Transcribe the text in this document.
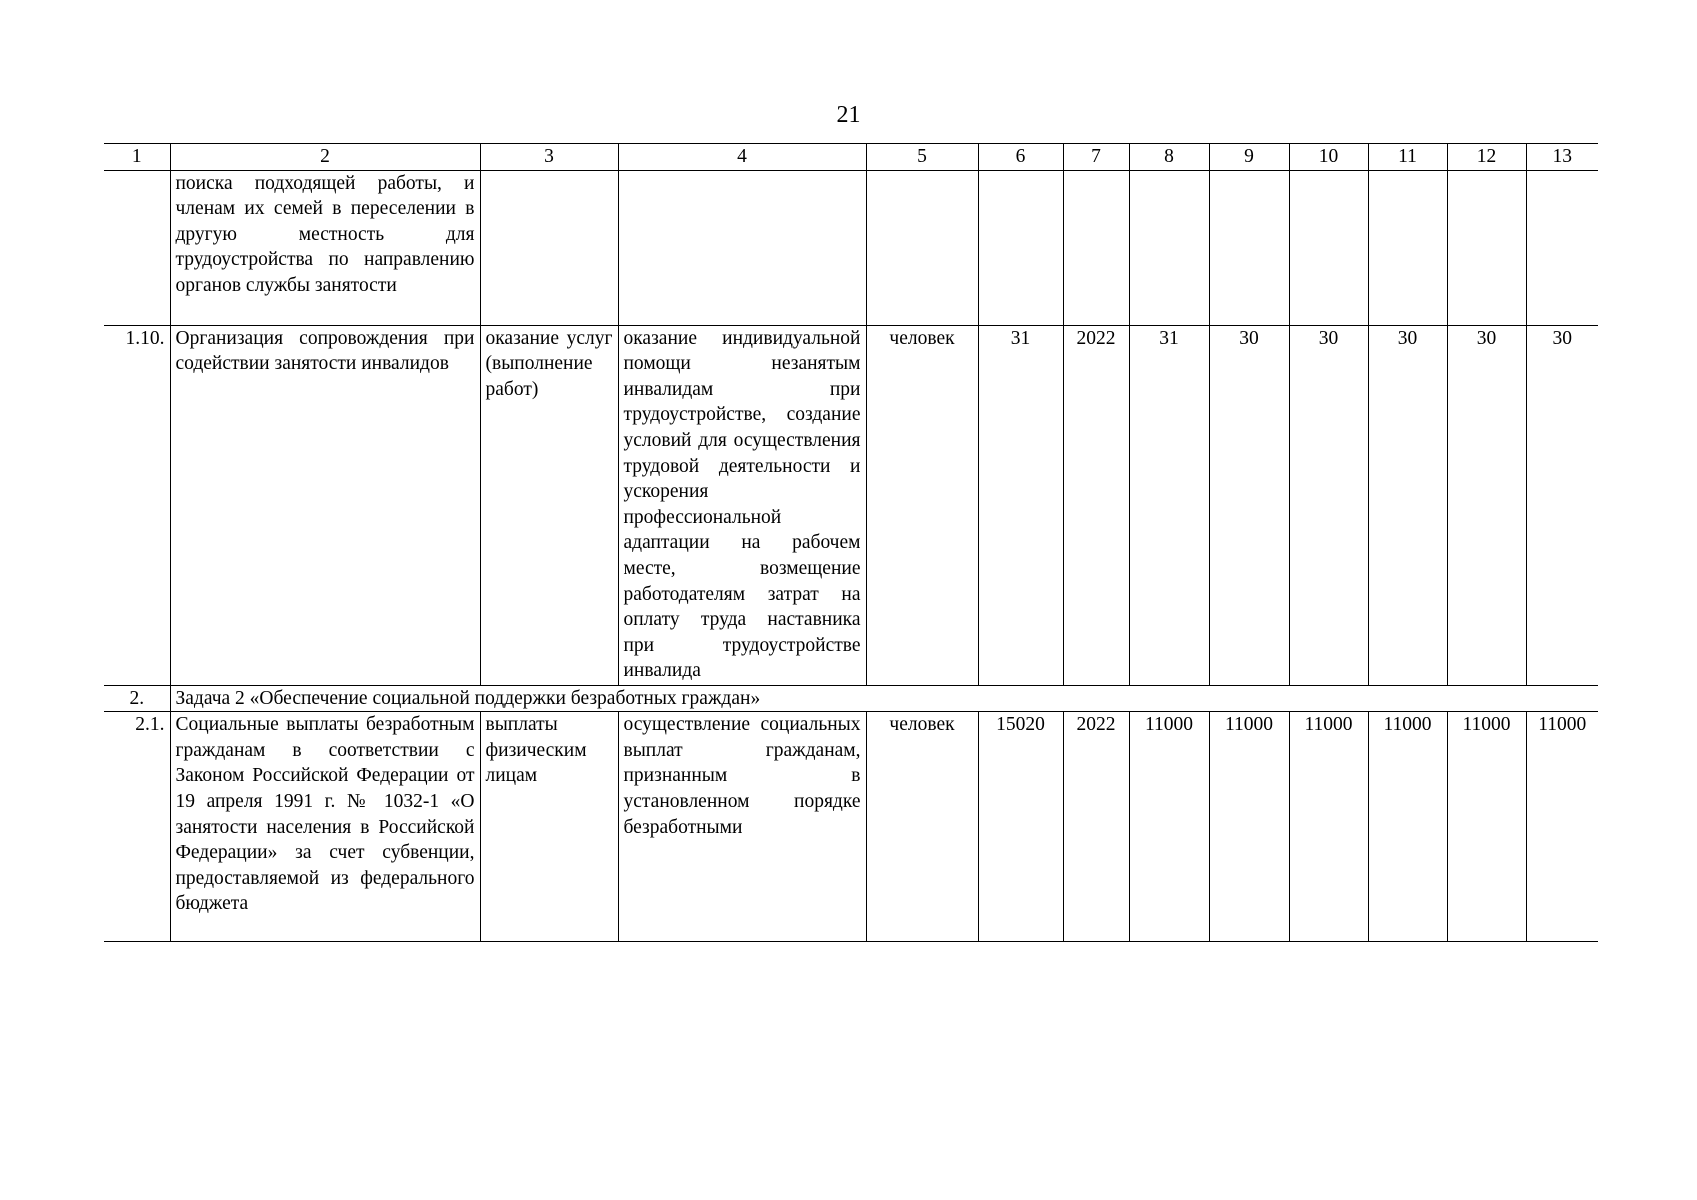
21
1	2	3	4	5	6	7	8	9	10	11	12	13
	поиска подходящей работы, и членам их семей в переселении в другую местность для трудоустройства по направлению органов службы занятости											
1.10.	Организация сопровождения при содействии занятости инвалидов	оказание услуг (выполнение работ)	оказание индивидуальной помощи незанятым инвалидам при трудоустройстве, создание условий для осуществления трудовой деятельности и ускорения профессиональной адаптации на рабочем месте, возмещение работодателям затрат на оплату труда наставника при трудоустройстве инвалида	человек	31	2022	31	30	30	30	30	30
2.	Задача 2 «Обеспечение социальной поддержки безработных граждан»											
2.1.	Социальные выплаты безработным гражданам в соответствии с Законом Российской Федерации от 19 апреля 1991 г. № 1032-1 «О занятости населения в Российской Федерации» за счет субвенции, предоставляемой из федерального бюджета	выплаты физическим лицам	осуществление социальных выплат гражданам, признанным в установленном порядке безработными	человек	15020	2022	11000	11000	11000	11000	11000	11000
